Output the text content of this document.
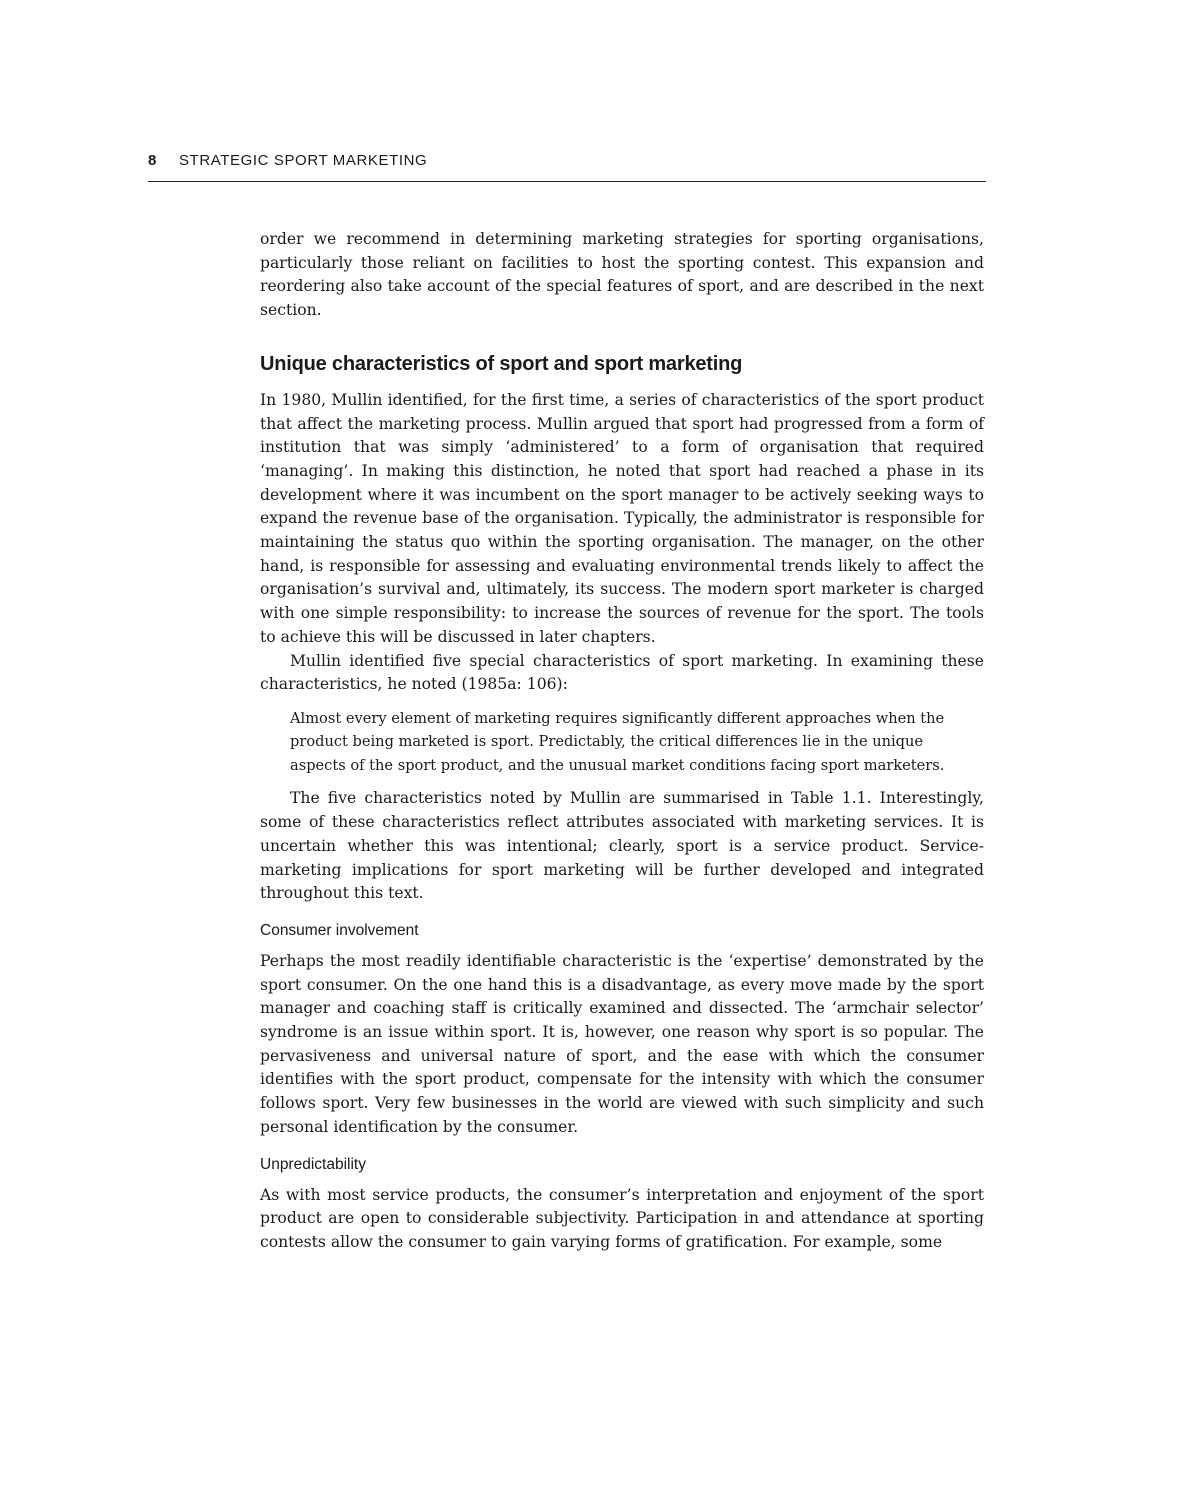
8 STRATEGIC SPORT MARKETING

order we recommend in determining marketing strategies for sporting organisations, particularly those reliant on facilities to host the sporting contest. This expansion and reordering also take account of the special features of sport, and are described in the next section.

Unique characteristics of sport and sport marketing

In 1980, Mullin identified, for the first time, a series of characteristics of the sport product that affect the marketing process. Mullin argued that sport had progressed from a form of institution that was simply ‘administered’ to a form of organisation that required ‘managing’. In making this distinction, he noted that sport had reached a phase in its development where it was incumbent on the sport manager to be actively seeking ways to expand the revenue base of the organisation. Typically, the administrator is responsible for maintaining the status quo within the sporting organisation. The manager, on the other hand, is responsible for assessing and evaluating environmental trends likely to affect the organisation’s survival and, ultimately, its success. The modern sport marketer is charged with one simple responsibility: to increase the sources of revenue for the sport. The tools to achieve this will be discussed in later chapters.

Mullin identified five special characteristics of sport marketing. In examining these characteristics, he noted (1985a: 106):

Almost every element of marketing requires significantly different approaches when the product being marketed is sport. Predictably, the critical differences lie in the unique aspects of the sport product, and the unusual market conditions facing sport marketers.

The five characteristics noted by Mullin are summarised in Table 1.1. Interestingly, some of these characteristics reflect attributes associated with marketing services. It is uncertain whether this was intentional; clearly, sport is a service product. Service-marketing implications for sport marketing will be further developed and integrated throughout this text.

Consumer involvement

Perhaps the most readily identifiable characteristic is the ‘expertise’ demonstrated by the sport consumer. On the one hand this is a disadvantage, as every move made by the sport manager and coaching staff is critically examined and dissected. The ‘armchair selector’ syndrome is an issue within sport. It is, however, one reason why sport is so popular. The pervasiveness and universal nature of sport, and the ease with which the consumer identifies with the sport product, compensate for the intensity with which the consumer follows sport. Very few businesses in the world are viewed with such simplicity and such personal identification by the consumer.

Unpredictability

As with most service products, the consumer’s interpretation and enjoyment of the sport product are open to considerable subjectivity. Participation in and attendance at sporting contests allow the consumer to gain varying forms of gratification. For example, some
